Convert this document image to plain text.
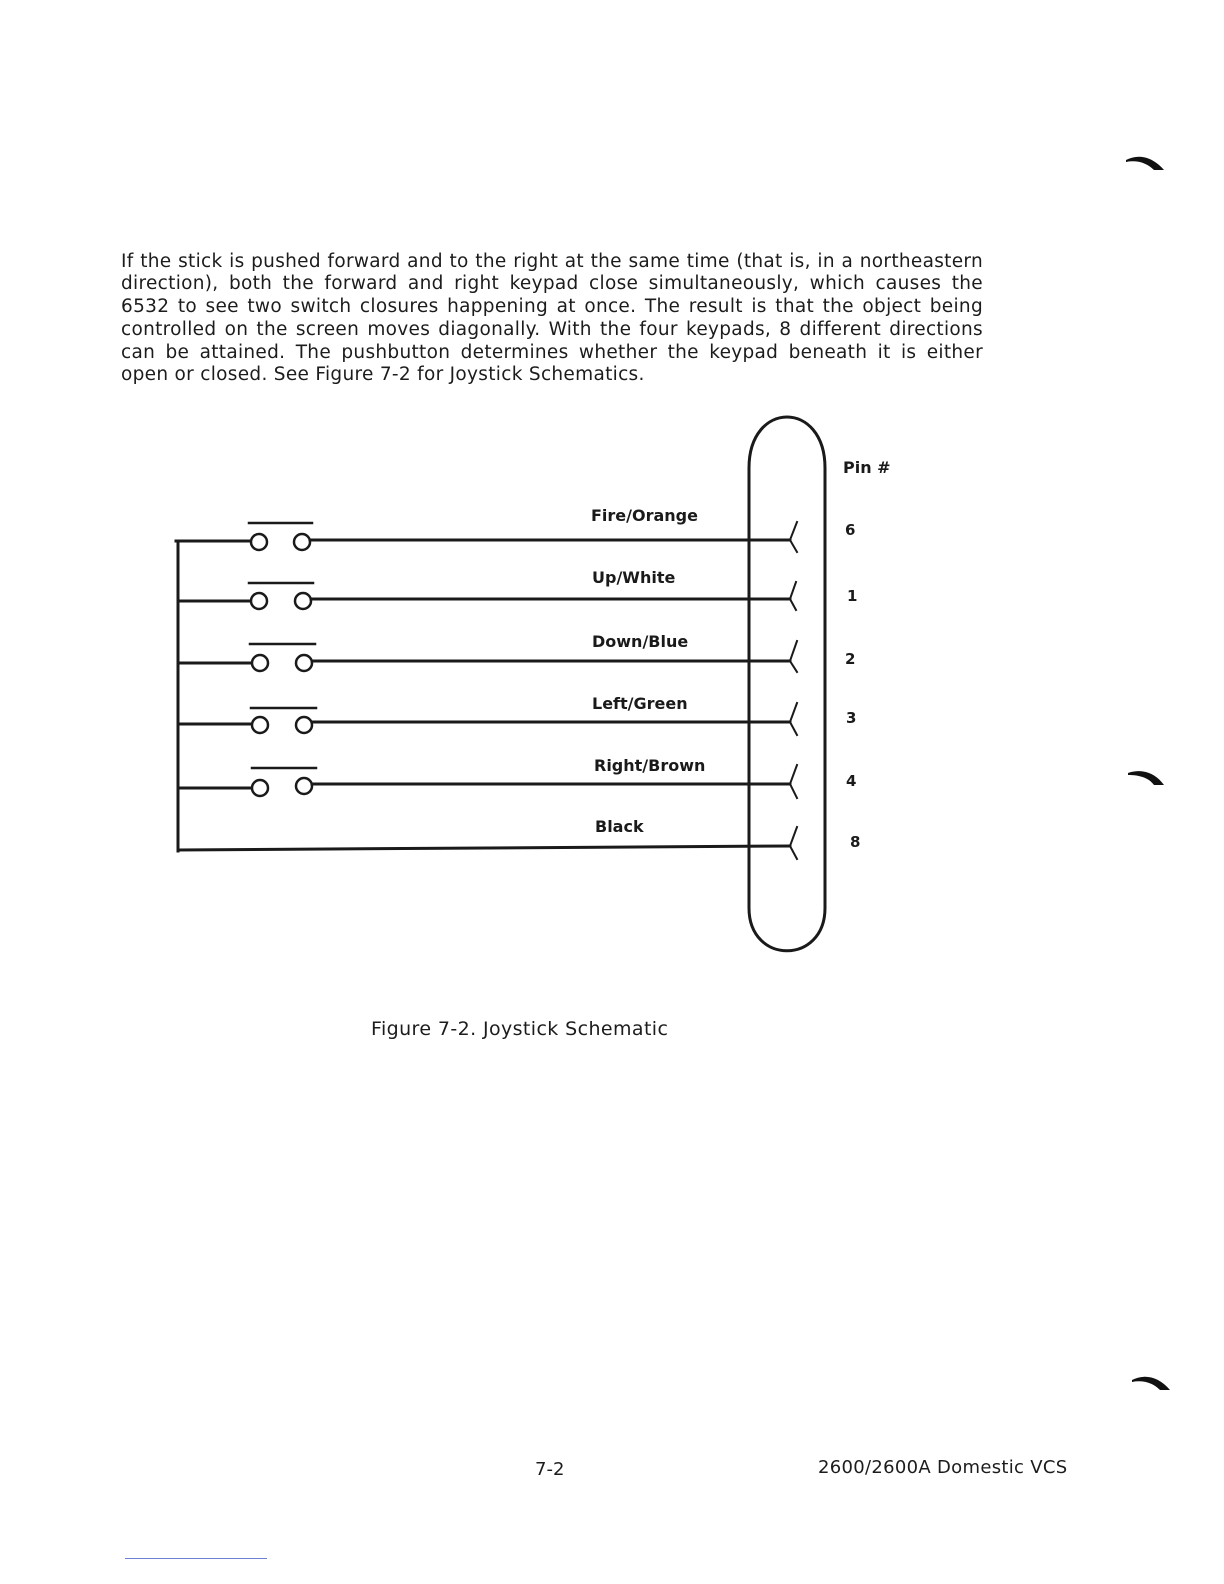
If the stick is pushed forward and to the right at the same time (that is, in a northeastern direction), both the forward and right keypad close simultaneously, which causes the 6532 to see two switch closures happening at once. The result is that the object being controlled on the screen moves diagonally. With the four keypads, 8 different directions can be attained. The pushbutton determines whether the keypad beneath it is either open or closed. See Figure 7-2 for Joystick Schematics.

Fire/Orange
Up/White
Down/Blue
Left/Green
Right/Brown
Black
Pin #
6
1
2
3
4
8
Figure 7-2. Joystick Schematic
7-2	2600/2600A Domestic VCS
